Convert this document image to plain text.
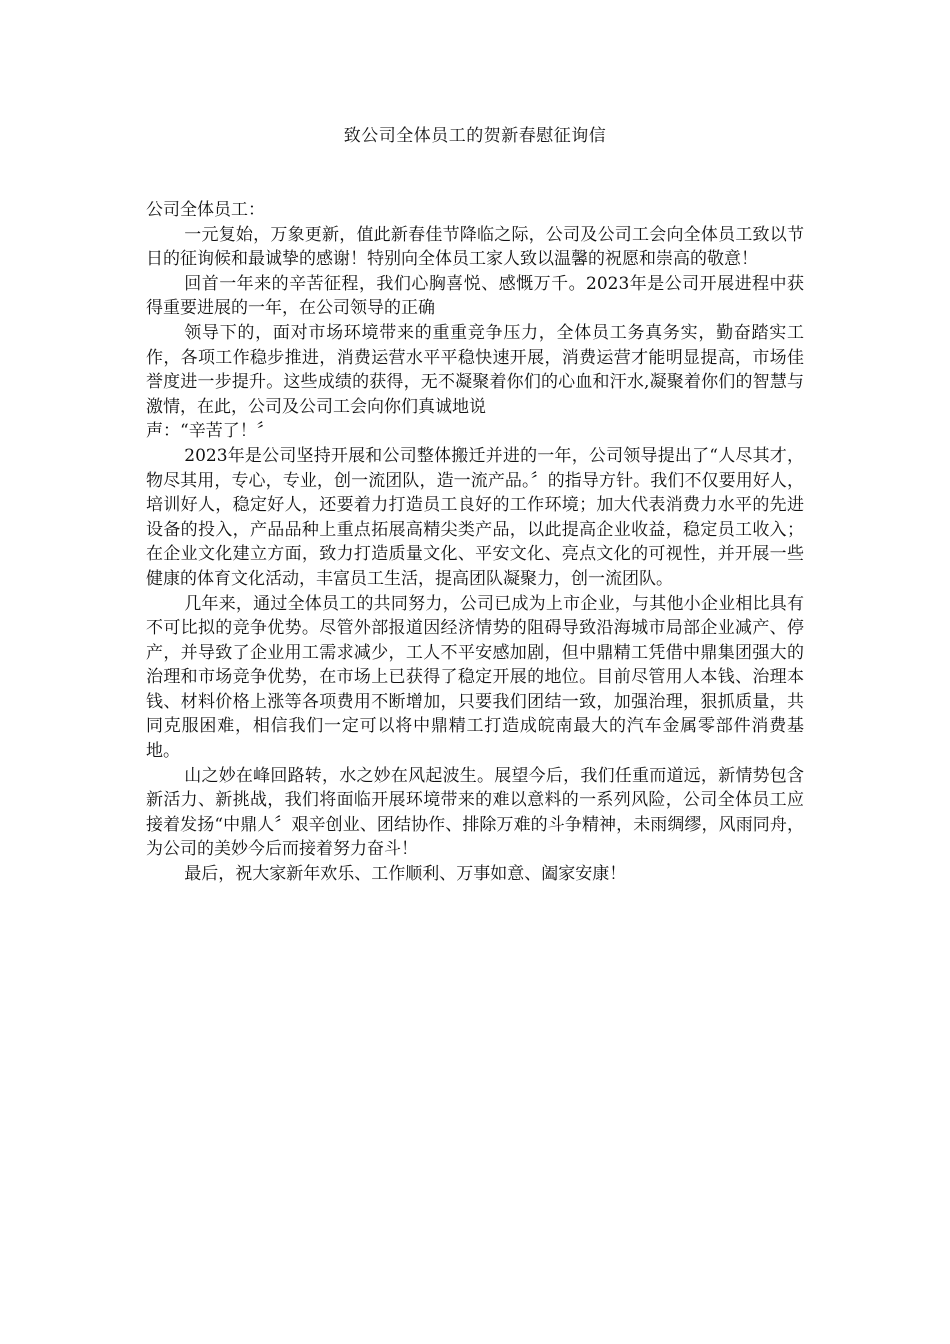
致公司全体员工的贺新春慰征询信

公司全体员工：

一元复始，万象更新，值此新春佳节降临之际，公司及公司工会向全体员工致以节日的征询候和最诚挚的感谢！特别向全体员工家人致以温馨的祝愿和崇高的敬意！

回首一年来的辛苦征程，我们心胸喜悦、感慨万千。2023年是公司开展进程中获得重要进展的一年，在公司领导的正确

领导下的，面对市场环境带来的重重竞争压力，全体员工务真务实，勤奋踏实工作，各项工作稳步推进，消费运营水平平稳快速开展，消费运营才能明显提高，市场佳誉度进一步提升。这些成绩的获得，无不凝聚着你们的心血和汗水,凝聚着你们的智慧与激情，在此，公司及公司工会向你们真诚地说

声：“辛苦了！〞

2023年是公司坚持开展和公司整体搬迁并进的一年，公司领导提出了“人尽其才，物尽其用，专心，专业，创一流团队，造一流产品。〞的指导方针。我们不仅要用好人，培训好人，稳定好人，还要着力打造员工良好的工作环境；加大代表消费力水平的先进设备的投入，产品品种上重点拓展高精尖类产品，以此提高企业收益，稳定员工收入；在企业文化建立方面，致力打造质量文化、平安文化、亮点文化的可视性，并开展一些健康的体育文化活动，丰富员工生活，提高团队凝聚力，创一流团队。

几年来，通过全体员工的共同努力，公司已成为上市企业，与其他小企业相比具有不可比拟的竞争优势。尽管外部报道因经济情势的阻碍导致沿海城市局部企业减产、停产，并导致了企业用工需求减少，工人不平安感加剧，但中鼎精工凭借中鼎集团强大的治理和市场竞争优势，在市场上已获得了稳定开展的地位。目前尽管用人本钱、治理本钱、材料价格上涨等各项费用不断增加，只要我们团结一致，加强治理，狠抓质量，共同克服困难，相信我们一定可以将中鼎精工打造成皖南最大的汽车金属零部件消费基地。

山之妙在峰回路转，水之妙在风起波生。展望今后，我们任重而道远，新情势包含新活力、新挑战，我们将面临开展环境带来的难以意料的一系列风险，公司全体员工应接着发扬“中鼎人〞艰辛创业、团结协作、排除万难的斗争精神，未雨绸缪，风雨同舟，为公司的美妙今后而接着努力奋斗！

最后，祝大家新年欢乐、工作顺利、万事如意、阖家安康！
